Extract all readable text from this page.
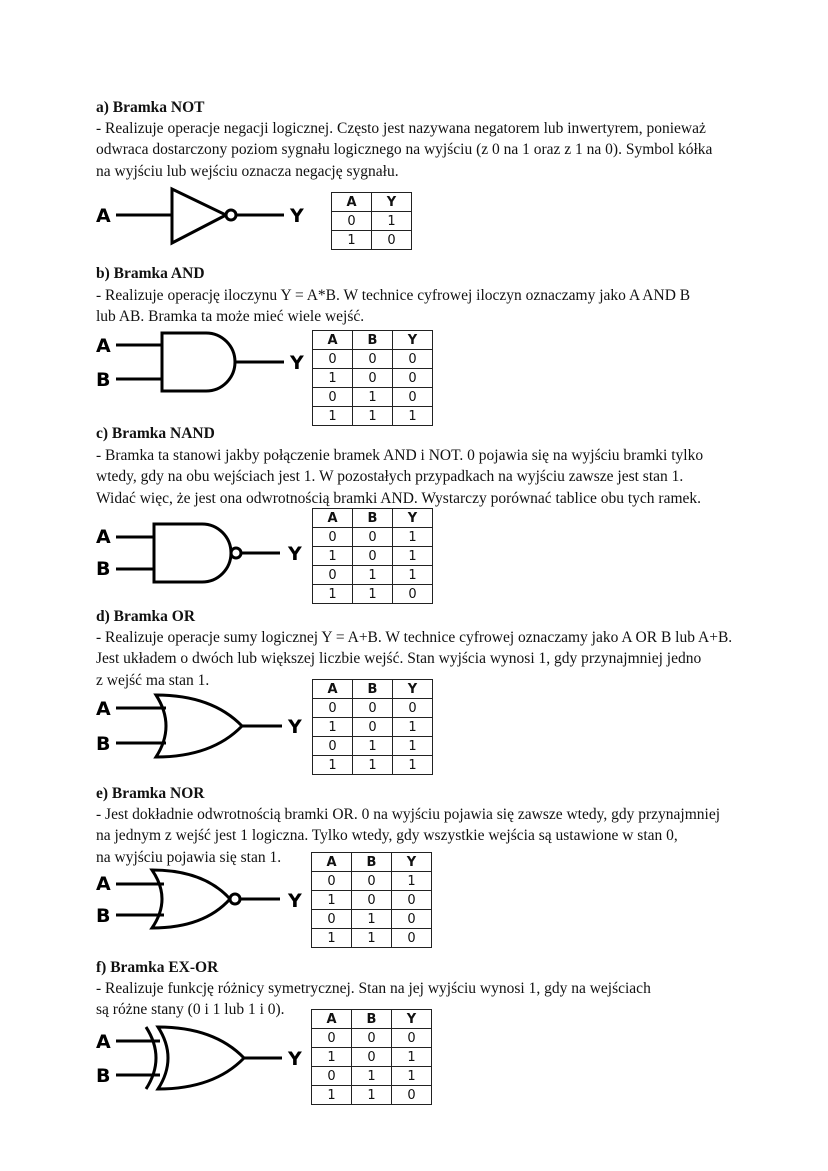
a) Bramka NOT
- Realizuje operacje negacji logicznej. Często jest nazywana negatorem lub inwertyrem, ponieważ
odwraca dostarczony poziom sygnału logicznego na wyjściu (z 0 na 1 oraz z 1 na 0). Symbol kółka
na wyjściu lub wejściu oznacza negację sygnału.
A	Y
A	Y
0	1
1	0
b) Bramka AND
- Realizuje operację iloczynu Y = A*B. W technice cyfrowej iloczyn oznaczamy jako A AND B
lub AB. Bramka ta może mieć wiele wejść.
A
B
Y
A	B	Y
0	0	0
1	0	0
0	1	0
1	1	1
c) Bramka NAND
- Bramka ta stanowi jakby połączenie bramek AND i NOT. 0 pojawia się na wyjściu bramki tylko
wtedy, gdy na obu wejściach jest 1. W pozostałych przypadkach na wyjściu zawsze jest stan 1.
Widać więc, że jest ona odwrotnością bramki AND. Wystarczy porównać tablice obu tych ramek.
A
B
Y
A	B	Y
0	0	1
1	0	1
0	1	1
1	1	0
d) Bramka OR
- Realizuje operacje sumy logicznej Y = A+B. W technice cyfrowej oznaczamy jako A OR B lub A+B.
Jest układem o dwóch lub większej liczbie wejść. Stan wyjścia wynosi 1, gdy przynajmniej jedno
z wejść ma stan 1.
A
B
Y
A	B	Y
0	0	0
1	0	1
0	1	1
1	1	1
e) Bramka NOR
- Jest dokładnie odwrotnością bramki OR. 0 na wyjściu pojawia się zawsze wtedy, gdy przynajmniej
na jednym z wejść jest 1 logiczna. Tylko wtedy, gdy wszystkie wejścia są ustawione w stan 0,
na wyjściu pojawia się stan 1.
A
B
Y
A	B	Y
0	0	1
1	0	0
0	1	0
1	1	0
f) Bramka EX-OR
- Realizuje funkcję różnicy symetrycznej. Stan na jej wyjściu wynosi 1, gdy na wejściach
są różne stany (0 i 1 lub 1 i 0).
A
B
Y
A	B	Y
0	0	0
1	0	1
0	1	1
1	1	0
